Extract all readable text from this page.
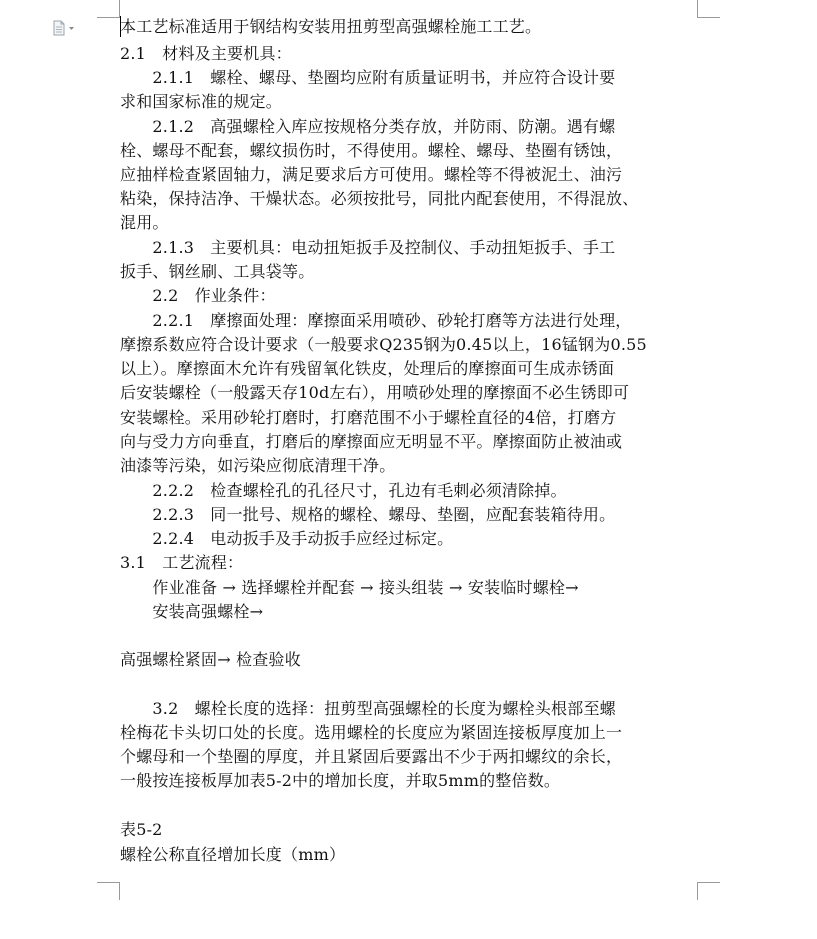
本工艺标准适用于钢结构安装用扭剪型高强螺栓施工工艺。
2.1　材料及主要机具：
　　2.1.1　螺栓、螺母、垫圈均应附有质量证明书，并应符合设计要
求和国家标准的规定。
　　2.1.2　高强螺栓入库应按规格分类存放，并防雨、防潮。遇有螺
栓、螺母不配套，螺纹损伤时，不得使用。螺栓、螺母、垫圈有锈蚀，
应抽样检查紧固轴力，满足要求后方可使用。螺栓等不得被泥土、油污
粘染，保持洁净、干燥状态。必须按批号，同批内配套使用，不得混放、
混用。
　　2.1.3　主要机具：电动扭矩扳手及控制仪、手动扭矩扳手、手工
扳手、钢丝刷、工具袋等。
　　2.2　作业条件：
　　2.2.1　摩擦面处理：摩擦面采用喷砂、砂轮打磨等方法进行处理，
摩擦系数应符合设计要求（一般要求Q235钢为0.45以上，16锰钢为0.55
以上）。摩擦面木允许有残留氧化铁皮，处理后的摩擦面可生成赤锈面
后安装螺栓（一般露天存10d左右），用喷砂处理的摩擦面不必生锈即可
安装螺栓。采用砂轮打磨时，打磨范围不小于螺栓直径的4倍，打磨方
向与受力方向垂直，打磨后的摩擦面应无明显不平。摩擦面防止被油或
油漆等污染，如污染应彻底清理干净。
　　2.2.2　检查螺栓孔的孔径尺寸，孔边有毛刺必须清除掉。
　　2.2.3　同一批号、规格的螺栓、螺母、垫圈，应配套装箱待用。
　　2.2.4　电动扳手及手动扳手应经过标定。
3.1　工艺流程：
　　作业准备 → 选择螺栓并配套 → 接头组装 → 安装临时螺栓→
　　安装高强螺栓→
高强螺栓紧固→ 检查验收
　　3.2　螺栓长度的选择：扭剪型高强螺栓的长度为螺栓头根部至螺
栓梅花卡头切口处的长度。选用螺栓的长度应为紧固连接板厚度加上一
个螺母和一个垫圈的厚度，并且紧固后要露出不少于两扣螺纹的余长，
一般按连接板厚加表5-2中的增加长度，并取5mm的整倍数。
表5-2
螺栓公称直径增加长度（mm）
